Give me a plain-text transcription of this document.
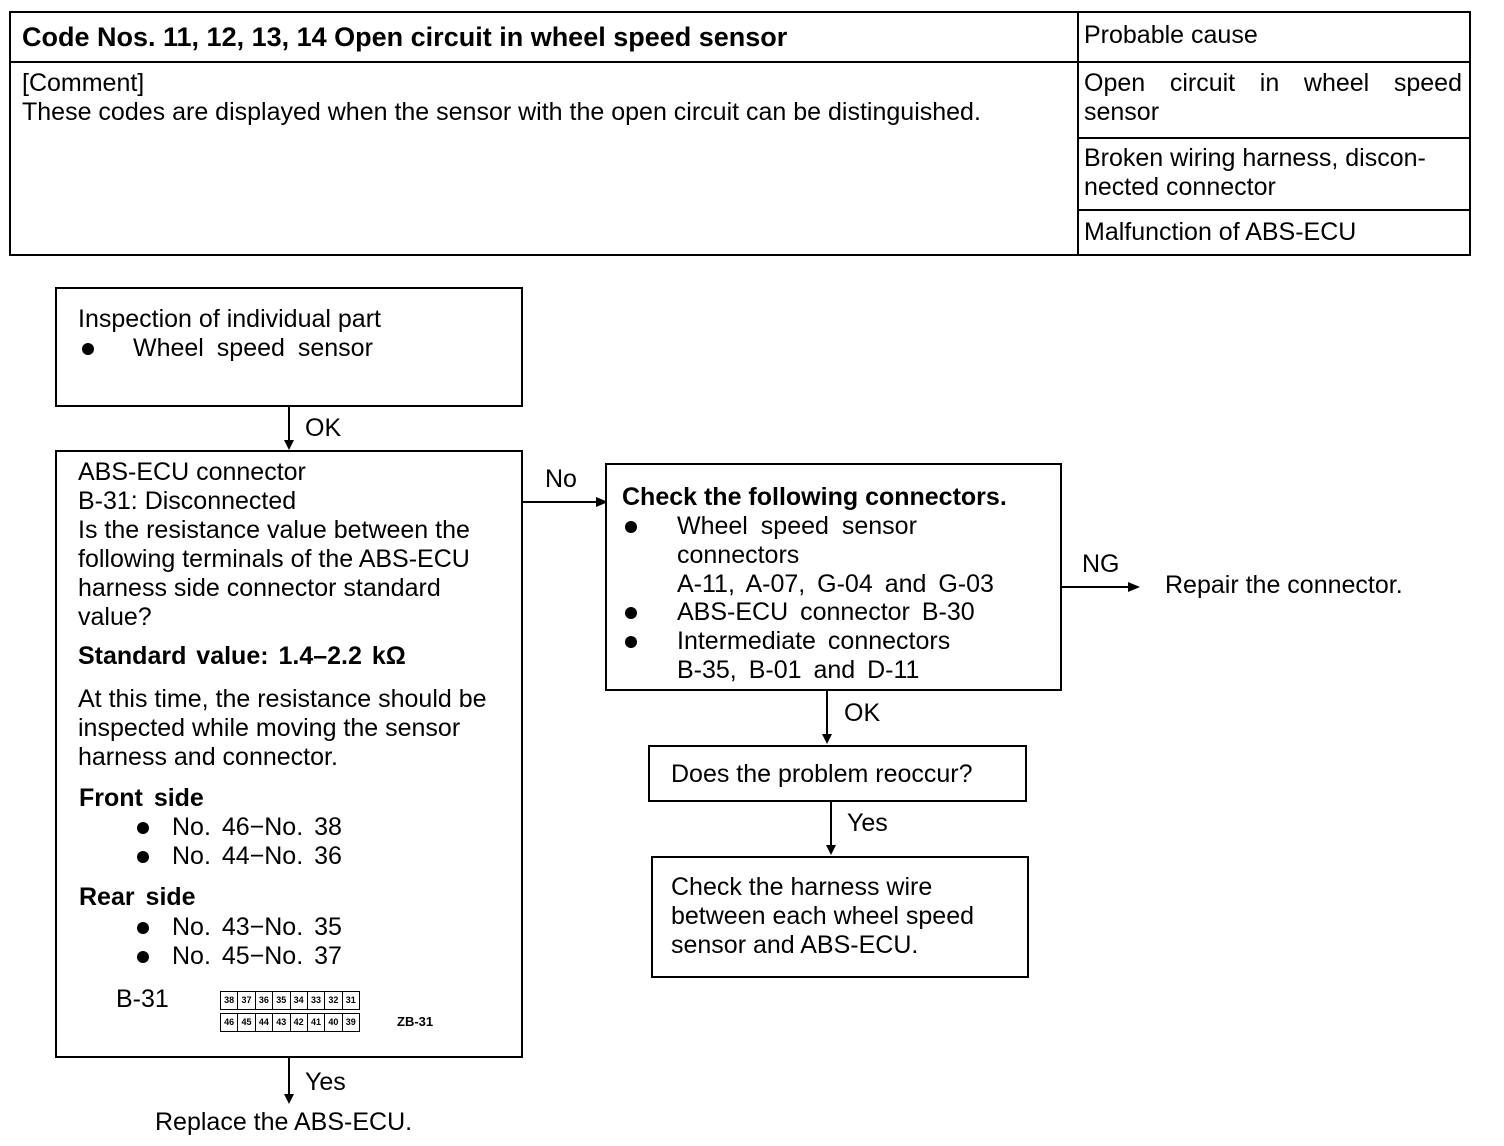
Code Nos. 11, 12, 13, 14 Open circuit in wheel speed sensor
[Comment]
These codes are displayed when the sensor with the open circuit can be distinguished.
Probable cause
Open circuit in wheel speed sensor
Broken wiring harness, discon-nected connector
Malfunction of ABS-ECU
Inspection of individual part
Wheel speed sensor
OK
ABS-ECU connector
B-31: Disconnected
Is the resistance value between the following terminals of the ABS-ECU harness side connector standard value?
Standard value: 1.4–2.2 kΩ
At this time, the resistance should be inspected while moving the sensor harness and connector.
Front side
No. 46−No. 38
No. 44−No. 36
Rear side
No. 43−No. 35
No. 45−No. 37
B-31
ZB-31
38 37 36 35 34 33 32 31
46 45 44 43 42 41 40 39
Yes
Replace the ABS-ECU.
No
Check the following connectors.
Wheel speed sensor
connectors
A-11, A-07, G-04 and G-03
ABS-ECU connector B-30
Intermediate connectors
B-35, B-01 and D-11
NG
Repair the connector.
OK
Does the problem reoccur?
Yes
Check the harness wire between each wheel speed sensor and ABS-ECU.
